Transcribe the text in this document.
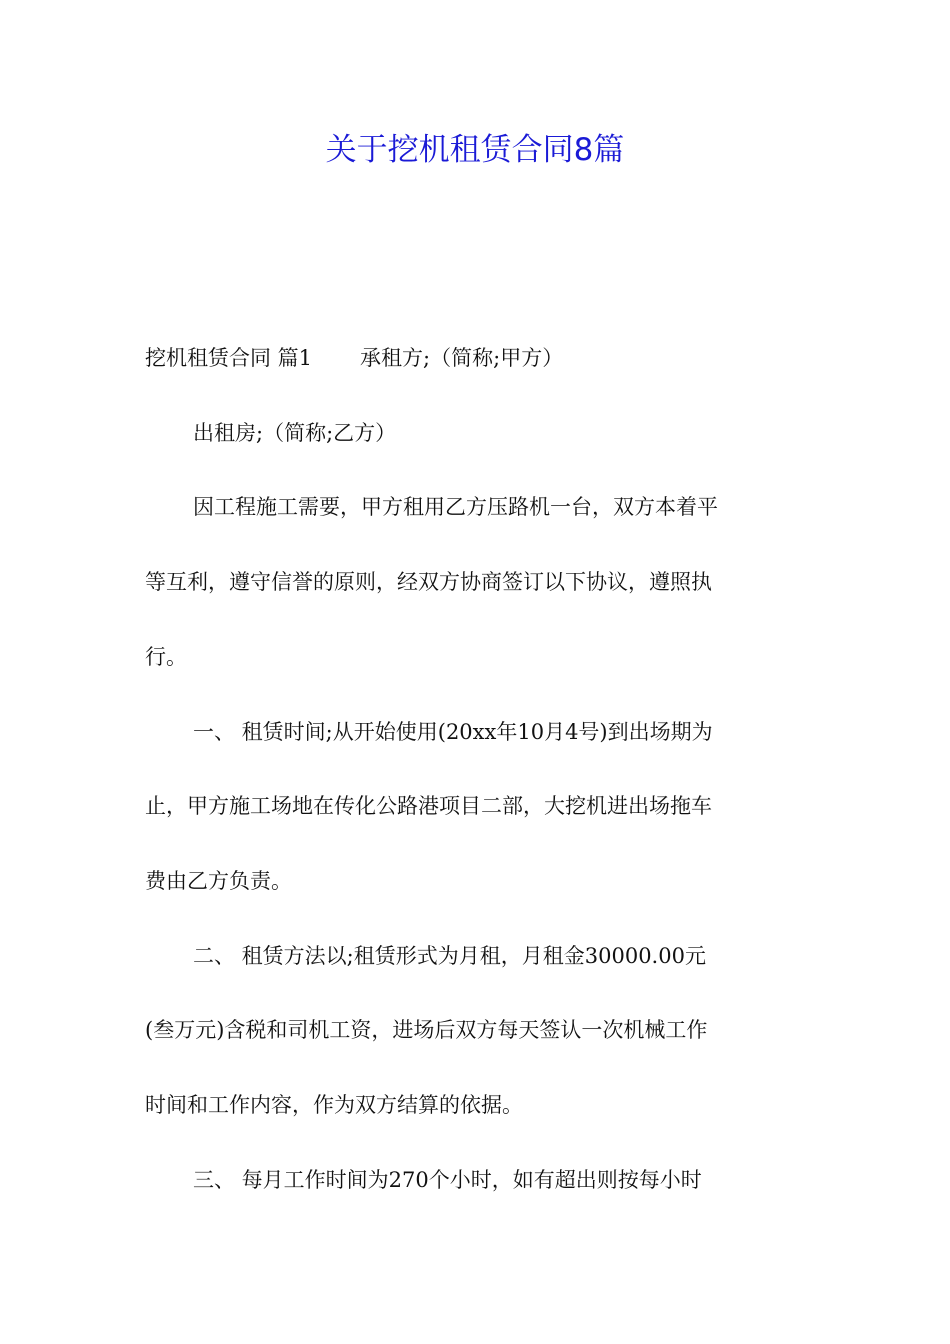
关于挖机租赁合同8篇
挖机租赁合同 篇1 承租方;（简称;甲方）
出租房;（简称;乙方）
因工程施工需要，甲方租用乙方压路机一台，双方本着平
等互利，遵守信誉的原则，经双方协商签订以下协议，遵照执
行。
一、 租赁时间;从开始使用(20xx年10月4号)到出场期为
止，甲方施工场地在传化公路港项目二部，大挖机进出场拖车
费由乙方负责。
二、 租赁方法以;租赁形式为月租，月租金30000.00元
(叁万元)含税和司机工资，进场后双方每天签认一次机械工作
时间和工作内容，作为双方结算的依据。
三、 每月工作时间为270个小时，如有超出则按每小时
